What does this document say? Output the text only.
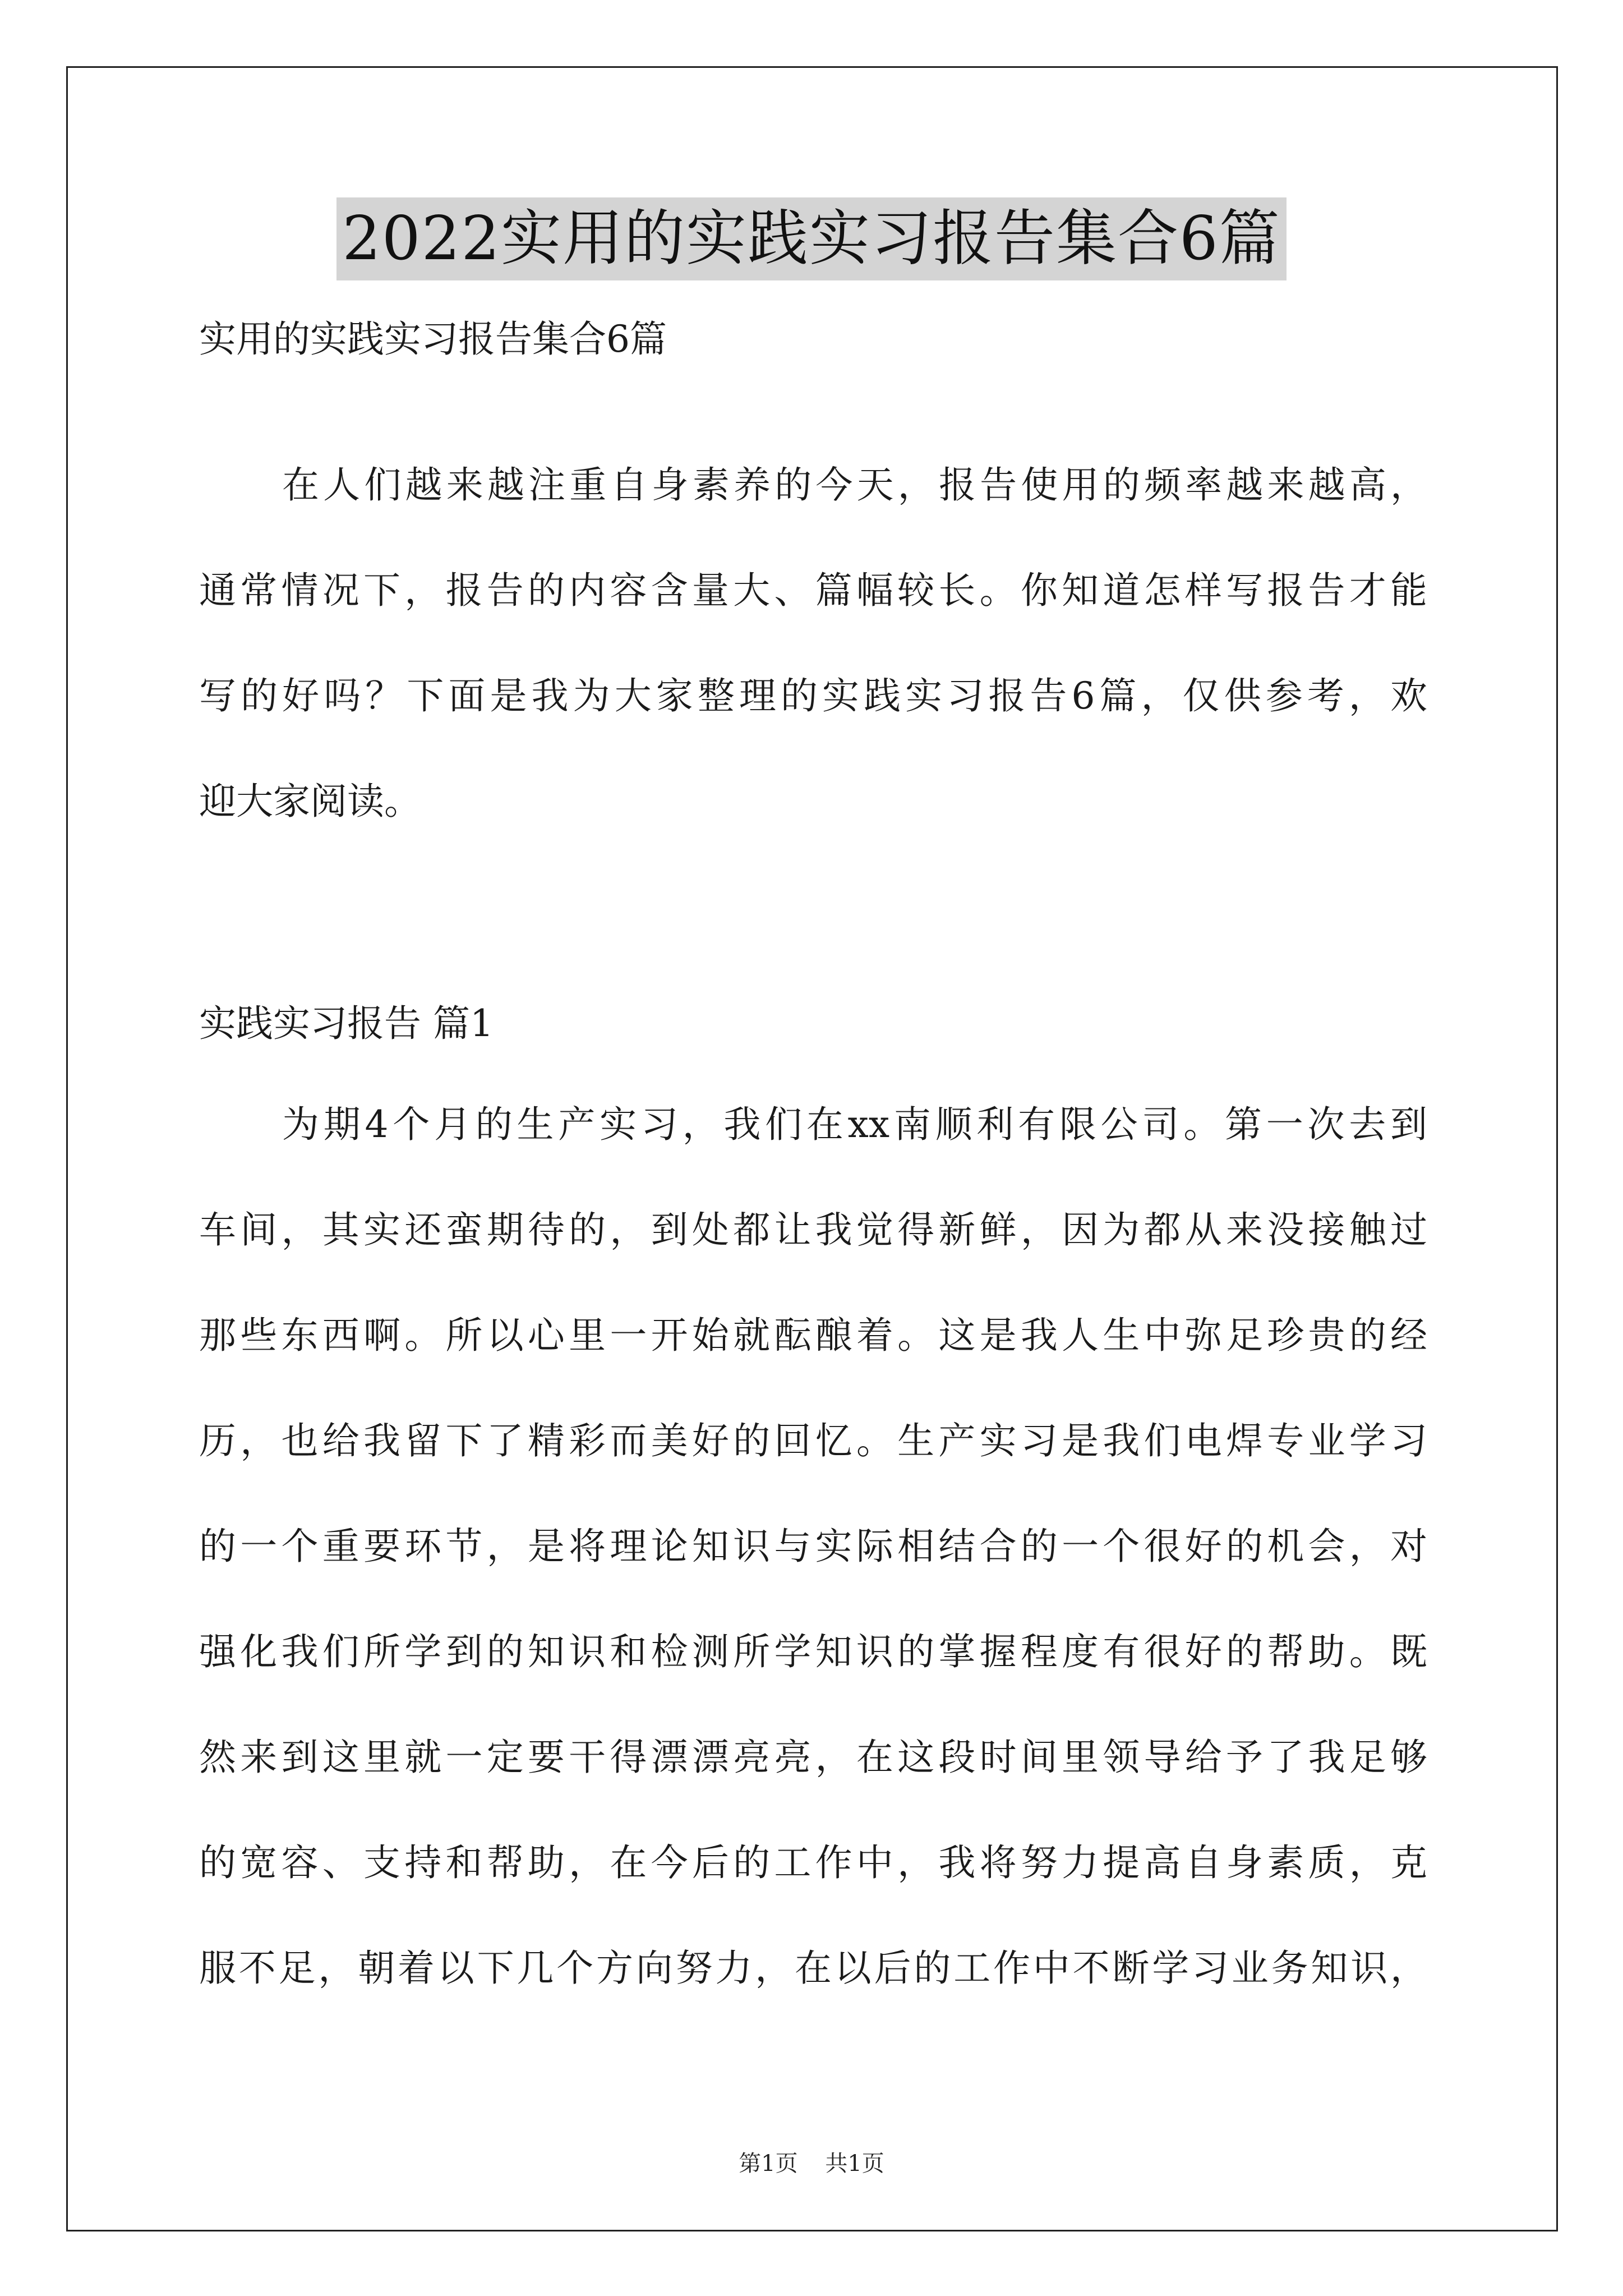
2022实用的实践实习报告集合6篇

实用的实践实习报告集合6篇

在人们越来越注重自身素养的今天，报告使用的频率越来越高，
通常情况下，报告的内容含量大、篇幅较长。你知道怎样写报告才能
写的好吗？下面是我为大家整理的实践实习报告6篇，仅供参考，欢
迎大家阅读。

实践实习报告 篇1

为期4个月的生产实习，我们在xx南顺利有限公司。第一次去到
车间，其实还蛮期待的，到处都让我觉得新鲜，因为都从来没接触过
那些东西啊。所以心里一开始就酝酿着。这是我人生中弥足珍贵的经
历，也给我留下了精彩而美好的回忆。生产实习是我们电焊专业学习
的一个重要环节，是将理论知识与实际相结合的一个很好的机会，对
强化我们所学到的知识和检测所学知识的掌握程度有很好的帮助。既
然来到这里就一定要干得漂漂亮亮，在这段时间里领导给予了我足够
的宽容、支持和帮助，在今后的工作中，我将努力提高自身素质，克
服不足，朝着以下几个方向努力，在以后的工作中不断学习业务知识，
第1页 共1页
